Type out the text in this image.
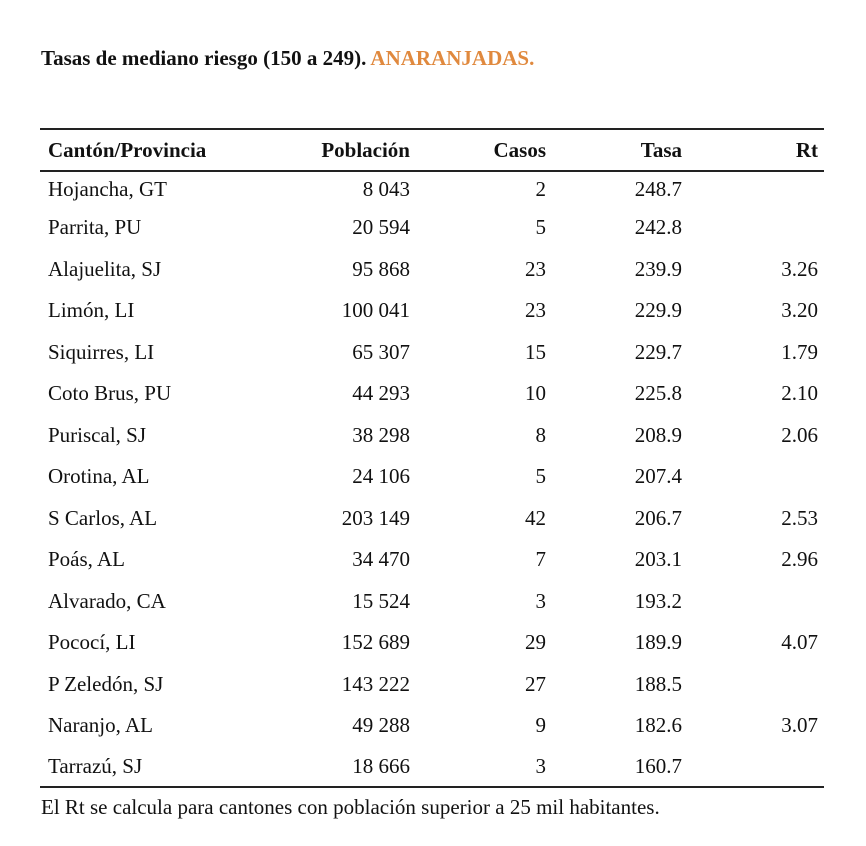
Tasas de mediano riesgo (150 a 249). ANARANJADAS.
Cantón/Provincia	Población	Casos	Tasa	Rt
Hojancha, GT	8 043	2	248.7	
Parrita, PU	20 594	5	242.8	
Alajuelita, SJ	95 868	23	239.9	3.26
Limón, LI	100 041	23	229.9	3.20
Siquirres, LI	65 307	15	229.7	1.79
Coto Brus, PU	44 293	10	225.8	2.10
Puriscal, SJ	38 298	8	208.9	2.06
Orotina, AL	24 106	5	207.4	
S Carlos, AL	203 149	42	206.7	2.53
Poás, AL	34 470	7	203.1	2.96
Alvarado, CA	15 524	3	193.2	
Pococí, LI	152 689	29	189.9	4.07
P Zeledón, SJ	143 222	27	188.5	
Naranjo, AL	49 288	9	182.6	3.07
Tarrazú, SJ	18 666	3	160.7	
El Rt se calcula para cantones con población superior a 25 mil habitantes.
